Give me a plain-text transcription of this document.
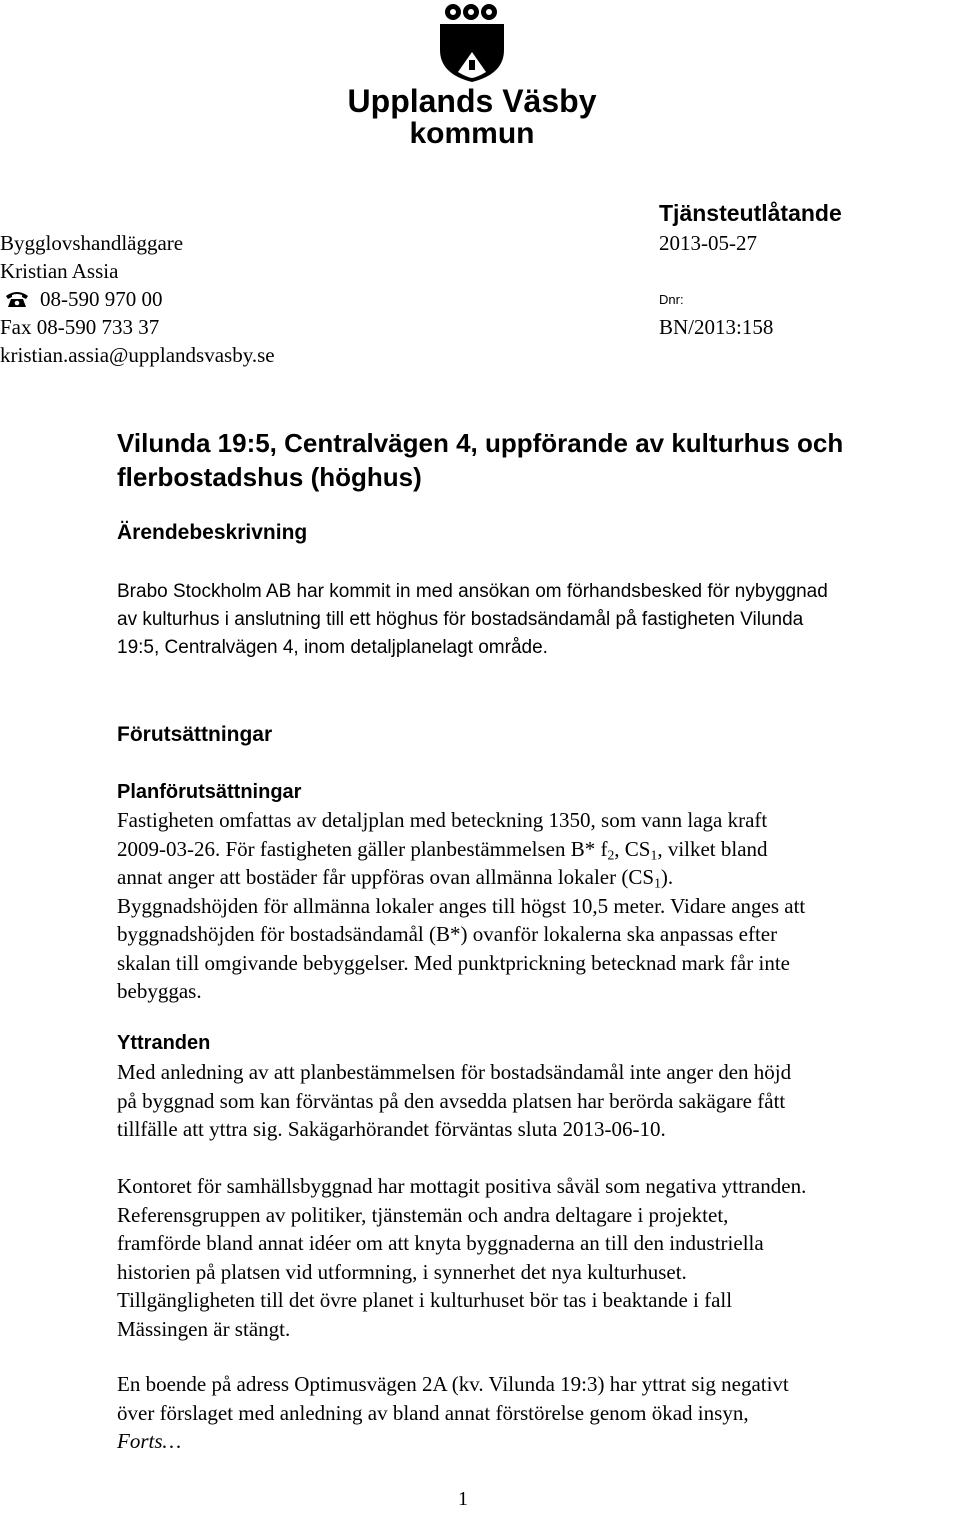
Upplands Väsby
kommun
Bygglovshandläggare
Kristian Assia
08-590 970 00
Fax 08-590 733 37
kristian.assia@upplandsvasby.se
Tjänsteutlåtande
2013-05-27
Dnr:
BN/2013:158
Vilunda 19:5, Centralvägen 4, uppförande av kulturhus och
flerbostadshus (höghus)
Ärendebeskrivning
Brabo Stockholm AB har kommit in med ansökan om förhandsbesked för nybyggnad
av kulturhus i anslutning till ett höghus för bostadsändamål på fastigheten Vilunda
19:5, Centralvägen 4, inom detaljplanelagt område.
Förutsättningar
Planförutsättningar
Fastigheten omfattas av detaljplan med beteckning 1350, som vann laga kraft
2009-03-26. För fastigheten gäller planbestämmelsen B* $f_2$, $CS_1$, vilket bland
annat anger att bostäder får uppföras ovan allmänna lokaler $(CS_1)$.
Byggnadshöjden för allmänna lokaler anges till högst 10,5 meter. Vidare anges att
byggnadshöjden för bostadsändamål (B*) ovanför lokalerna ska anpassas efter
skalan till omgivande bebyggelser. Med punktprickning betecknad mark får inte
bebyggas.
Yttranden
Med anledning av att planbestämmelsen för bostadsändamål inte anger den höjd
på byggnad som kan förväntas på den avsedda platsen har berörda sakägare fått
tillfälle att yttra sig. Sakägarhörandet förväntas sluta 2013-06-10.
Kontoret för samhällsbyggnad har mottagit positiva såväl som negativa yttranden.
Referensgruppen av politiker, tjänstemän och andra deltagare i projektet,
framförde bland annat idéer om att knyta byggnaderna an till den industriella
historien på platsen vid utformning, i synnerhet det nya kulturhuset.
Tillgängligheten till det övre planet i kulturhuset bör tas i beaktande i fall
Mässingen är stängt.
En boende på adress Optimusvägen 2A (kv. Vilunda 19:3) har yttrat sig negativt
över förslaget med anledning av bland annat förstörelse genom ökad insyn,
Forts…
1
